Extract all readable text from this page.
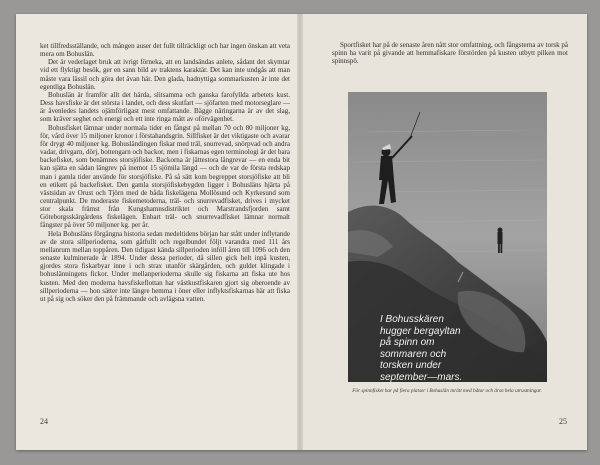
ket tillfredsställande, och mången auser det fullt tillräckligt och har ingen önskan att veta mera om Bohuslän.

Det är vederlaget bruk att ivrigt förneka, att en landsändas anlete, sådant det skymtar vid ett flyktigt besök, ger en sann bild av traktens karaktär. Det kan inte undgås att man måste vara lässil och göra det ävan här. Den glada, hadnyttiga sommarkusten är inte det egentliga Bohuslän.

Bohuslän är framför allt det härda, slitsamma och ganska farofyllda arbetets kust. Dess havsfiske är det största i landet, och dess skutfart — sjöfarten med motorseglare — är åvenledes landets ojämförligast mest omfattande. Bägge näringarna är av det slag, som kräver seghet och energi och ett inte ringa mått av oförvägenhet.

Bohusfisket lämnar under normala tider en fångst på mellan 70 och 80 miljoner kg, för, vård över 15 miljoner kronor i förstahandsgrin. Sillfisket är det viktigaste och avarar för drygt 40 miljoner kg. Bohusländingen fiskar med träl, snurrevad, snörpvad och andra vadar, drivgarn, dörj, bottengarn och backor, men i fiskarnas egen terminologi är det bara backefisket, som benämnes storsjöfiske. Backorna är jättestora långrevar — en enda bit kan sjätta en sådan längrev på inemot 15 sjömila längd — och de var de första redskap man i gamla tider använde för storsjöfiske. På så sätt kom begreppet storsjöfiske att bli en etikett på backefisket. Den gamla storsjöfiskebygden ligger i Bohusläns hjärta på västsidan av Orust och Tjörn med de båda fiskelägena Mollösund och Kyrkesund som centralpunkt. De moderaste fiskemetoderna, träl- och snurrevadfisket, drives i mycket stor skala främst från Kungshamnsdistriktet och Marstrandsfjorden samt Göteborgsskärgårdens fiskelägen. Enbart träl- och snurrevadfisket lämnar normalt fångster på över 50 miljoner kg. per år.

Hela Bohusläns förgångna historia sedan medeltidens början har stått under inflytande av de stora sillperioderna, som gåtfullt och regelbundet följt varandra med 111 års mellanrum mellan toppåren. Den tidigast kända sillperioden inföll åren till 1096 och den senaste kulminerade år 1894. Under dessa perioder, då sillen gick helt inpå kusten, gjordes stora fiskarbyar inne i och strax utanför skärgården, och guldet klingade i bohuslänningens fickor. Under mellanperioderna skulle sig fiskarna att fiska ute hos kusten. Med den moderna havsfiskeflottan har västkustfiskaren gjort sig oberoende av sillperioderna — hon sätter inte längre hemma i öner eller inflyktsfiskarnas här att fiska ut på sig och söker den på främmande och avlägsna vatten.

24

Sportfisket har på de senaste åren nått stor omfattning, och fångsterna av torsk på spinn ha varit på givande att hemmafiskare förstörden på kusten utbytt pilken mot spinnspö.

I Bohusskären
hugger bergayltan
på spinn om
sommaren och
torsken under
september—mars.
För spinnfisket har på fiera platser i Bohuslän inrätt med båtar och årsn hela utrustningar.
25
